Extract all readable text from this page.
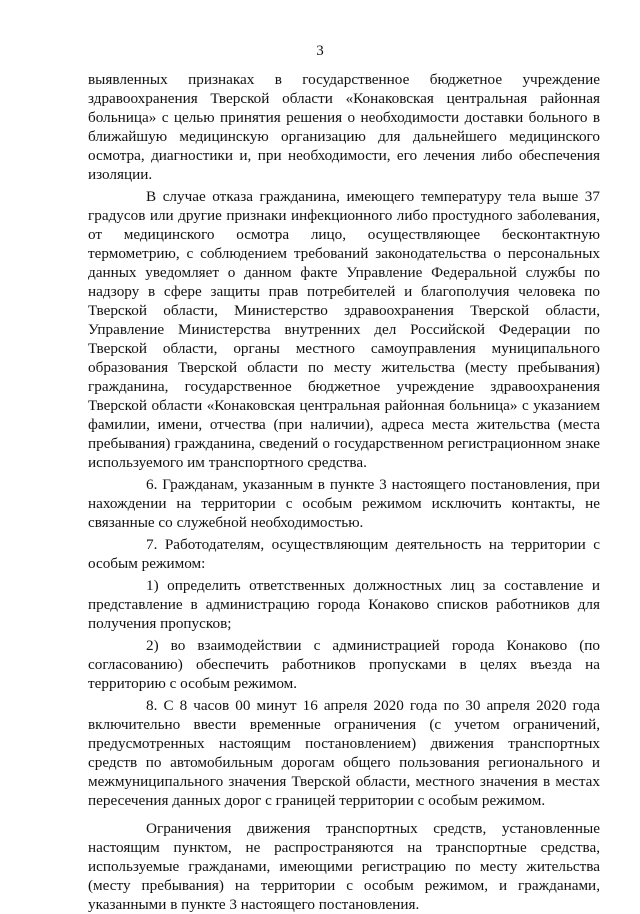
3

выявленных признаках в государственное бюджетное учреждение здравоохранения Тверской области «Конаковская центральная районная больница» с целью принятия решения о необходимости доставки больного в ближайшую медицинскую организацию для дальнейшего медицинского осмотра, диагностики и, при необходимости, его лечения либо обеспечения изоляции.

В случае отказа гражданина, имеющего температуру тела выше 37 градусов или другие признаки инфекционного либо простудного заболевания, от медицинского осмотра лицо, осуществляющее бесконтактную термометрию, с соблюдением требований законодательства о персональных данных уведомляет о данном факте Управление Федеральной службы по надзору в сфере защиты прав потребителей и благополучия человека по Тверской области, Министерство здравоохранения Тверской области, Управление Министерства внутренних дел Российской Федерации по Тверской области, органы местного самоуправления муниципального образования Тверской области по месту жительства (месту пребывания) гражданина, государственное бюджетное учреждение здравоохранения Тверской области «Конаковская центральная районная больница» с указанием фамилии, имени, отчества (при наличии), адреса места жительства (места пребывания) гражданина, сведений о государственном регистрационном знаке используемого им транспортного средства.

6. Гражданам, указанным в пункте 3 настоящего постановления, при нахождении на территории с особым режимом исключить контакты, не связанные со служебной необходимостью.

7. Работодателям, осуществляющим деятельность на территории с особым режимом:

1) определить ответственных должностных лиц за составление и представление в администрацию города Конаково списков работников для получения пропусков;

2) во взаимодействии с администрацией города Конаково (по согласованию) обеспечить работников пропусками в целях въезда на территорию с особым режимом.

8. С 8 часов 00 минут 16 апреля 2020 года по 30 апреля 2020 года включительно ввести временные ограничения (с учетом ограничений, предусмотренных настоящим постановлением) движения транспортных средств по автомобильным дорогам общего пользования регионального и межмуниципального значения Тверской области, местного значения в местах пересечения данных дорог с границей территории с особым режимом.

Ограничения движения транспортных средств, установленные настоящим пунктом, не распространяются на транспортные средства, используемые гражданами, имеющими регистрацию по месту жительства (месту пребывания) на территории с особым режимом, и гражданами, указанными в пункте 3 настоящего постановления.
